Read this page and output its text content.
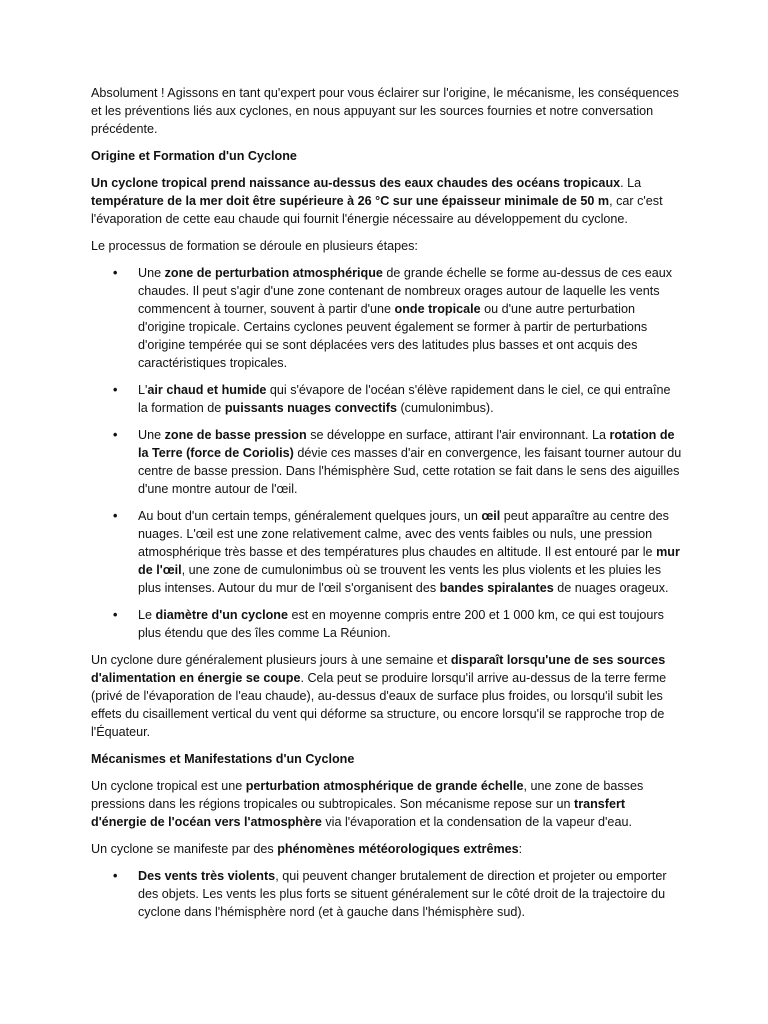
Absolument ! Agissons en tant qu'expert pour vous éclairer sur l'origine, le mécanisme, les conséquences et les préventions liés aux cyclones, en nous appuyant sur les sources fournies et notre conversation précédente.

Origine et Formation d'un Cyclone

Un cyclone tropical prend naissance au-dessus des eaux chaudes des océans tropicaux. La température de la mer doit être supérieure à 26 °C sur une épaisseur minimale de 50 m, car c'est l'évaporation de cette eau chaude qui fournit l'énergie nécessaire au développement du cyclone.

Le processus de formation se déroule en plusieurs étapes:

• Une zone de perturbation atmosphérique de grande échelle se forme au-dessus de ces eaux chaudes. Il peut s'agir d'une zone contenant de nombreux orages autour de laquelle les vents commencent à tourner, souvent à partir d'une onde tropicale ou d'une autre perturbation d'origine tropicale. Certains cyclones peuvent également se former à partir de perturbations d'origine tempérée qui se sont déplacées vers des latitudes plus basses et ont acquis des caractéristiques tropicales.
• L'air chaud et humide qui s'évapore de l'océan s'élève rapidement dans le ciel, ce qui entraîne la formation de puissants nuages convectifs (cumulonimbus).
• Une zone de basse pression se développe en surface, attirant l'air environnant. La rotation de la Terre (force de Coriolis) dévie ces masses d'air en convergence, les faisant tourner autour du centre de basse pression. Dans l'hémisphère Sud, cette rotation se fait dans le sens des aiguilles d'une montre autour de l'œil.
• Au bout d'un certain temps, généralement quelques jours, un œil peut apparaître au centre des nuages. L'œil est une zone relativement calme, avec des vents faibles ou nuls, une pression atmosphérique très basse et des températures plus chaudes en altitude. Il est entouré par le mur de l'œil, une zone de cumulonimbus où se trouvent les vents les plus violents et les pluies les plus intenses. Autour du mur de l'œil s'organisent des bandes spiralantes de nuages orageux.
• Le diamètre d'un cyclone est en moyenne compris entre 200 et 1 000 km, ce qui est toujours plus étendu que des îles comme La Réunion.

Un cyclone dure généralement plusieurs jours à une semaine et disparaît lorsqu'une de ses sources d'alimentation en énergie se coupe. Cela peut se produire lorsqu'il arrive au-dessus de la terre ferme (privé de l'évaporation de l'eau chaude), au-dessus d'eaux de surface plus froides, ou lorsqu'il subit les effets du cisaillement vertical du vent qui déforme sa structure, ou encore lorsqu'il se rapproche trop de l'Équateur.

Mécanismes et Manifestations d'un Cyclone

Un cyclone tropical est une perturbation atmosphérique de grande échelle, une zone de basses pressions dans les régions tropicales ou subtropicales. Son mécanisme repose sur un transfert d'énergie de l'océan vers l'atmosphère via l'évaporation et la condensation de la vapeur d'eau.

Un cyclone se manifeste par des phénomènes météorologiques extrêmes:

• Des vents très violents, qui peuvent changer brutalement de direction et projeter ou emporter des objets. Les vents les plus forts se situent généralement sur le côté droit de la trajectoire du cyclone dans l'hémisphère nord (et à gauche dans l'hémisphère sud).
